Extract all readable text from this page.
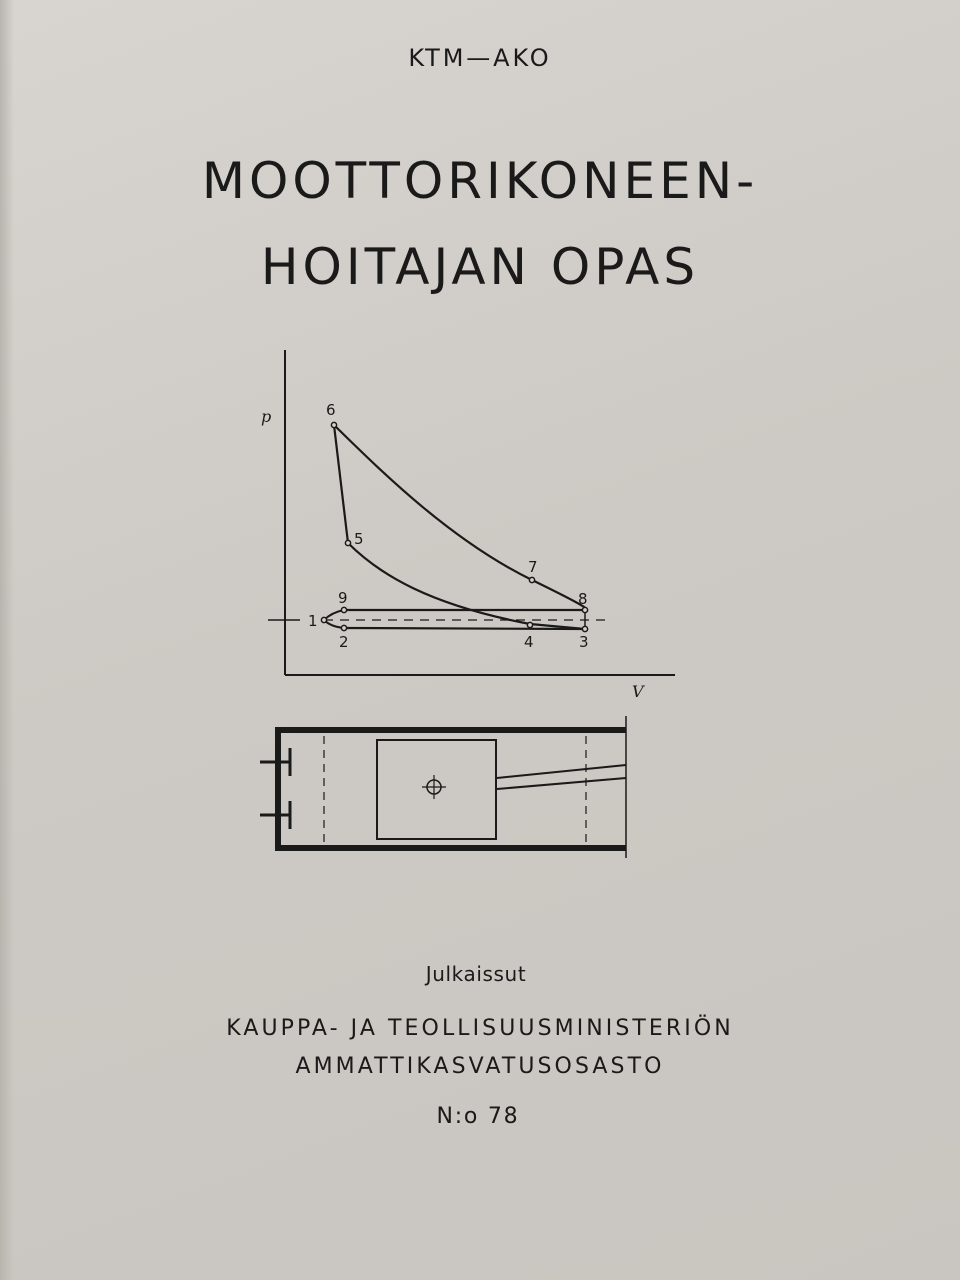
KTM—AKO
MOOTTORIKONEEN-
HOITAJAN OPAS
p
V
6
5
7
8
9
1
2	4	3
Julkaissut
KAUPPA- JA TEOLLISUUSMINISTERIÖN
AMMATTIKASVATUSOSASTO
N:o 78
